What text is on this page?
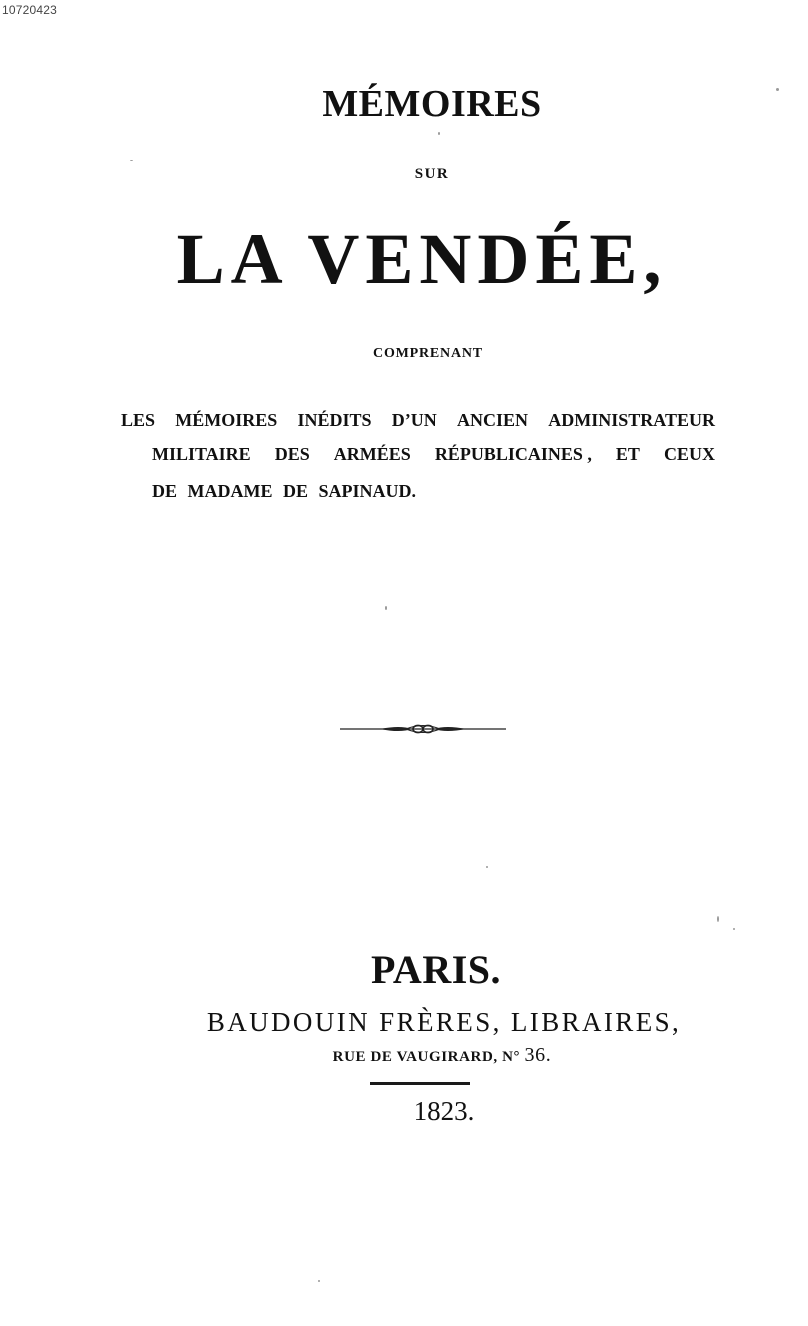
10720423
MÉMOIRES
SUR
LA VENDÉE,
COMPRENANT
LES MÉMOIRES INÉDITS D’UN ANCIEN ADMINISTRATEUR
MILITAIRE DES ARMÉES RÉPUBLICAINES , ET CEUX
DE MADAME DE SAPINAUD.
PARIS.
BAUDOUIN FRÈRES, LIBRAIRES,
RUE DE VAUGIRARD, N° 36.
1823.
